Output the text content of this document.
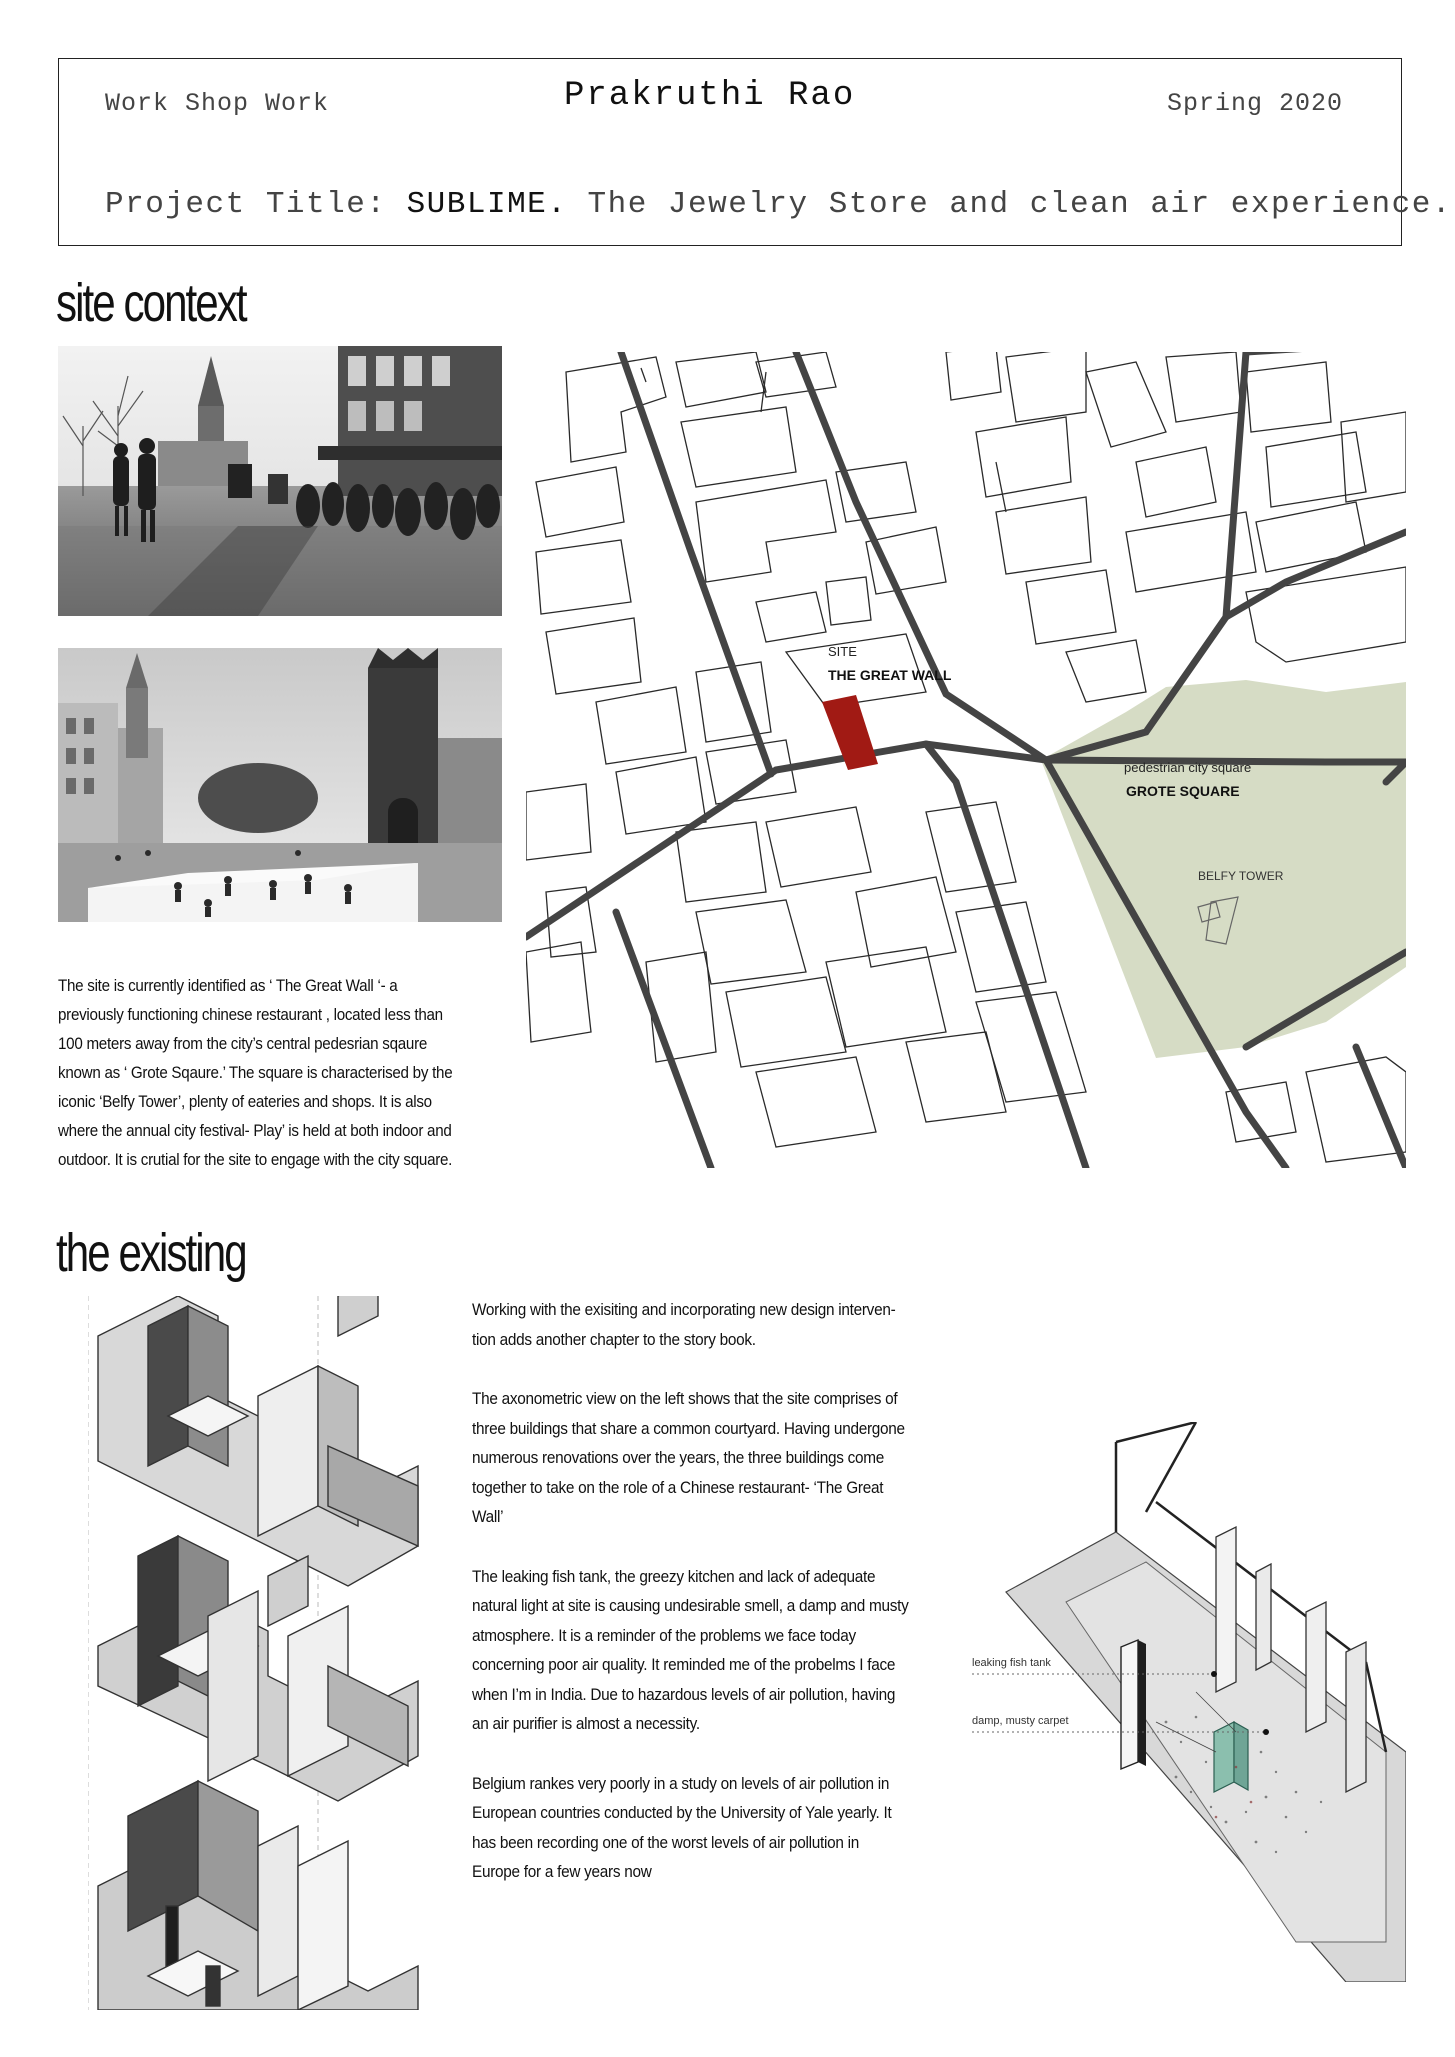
Work Shop Work	Prakruthi Rao	Spring 2020
Project Title: SUBLIME. The Jewelry Store and clean air experience.
site context
The site is currently identified as ‘ The Great Wall ‘- a previously functioning chinese restaurant , located less than 100 meters away from the city’s central pedesrian sqaure known as ‘ Grote Sqaure.’ The square is characterised by the iconic ‘Belfy Tower’, plenty of eateries and shops. It is also where the annual city festival- Play’ is held at both indoor and outdoor. It is crutial for the site to engage with the city square.
SITE
THE GREAT WALL
pedestrian city square
GROTE SQUARE
BELFY TOWER
the existing

Working with the exisiting and incorporating new design interven- tion adds another chapter to the story book.

The axonometric view on the left shows that the site comprises of three buildings that share a common courtyard. Having undergone numerous renovations over the years, the three buildings come together to take on the role of a Chinese restaurant- ‘The Great Wall’

The leaking fish tank, the greezy kitchen and lack of adequate natural light at site is causing undesirable smell, a damp and musty atmosphere. It is a reminder of the problems we face today concerning poor air quality. It reminded me of the probelms I face when I’m in India. Due to hazardous levels of air pollution, having an air purifier is almost a necessity.

Belgium rankes very poorly in a study on levels of air pollution in European countries conducted by the University of Yale yearly. It has been recording one of the worst levels of air pollution in Europe for a few years now

leaking fish tank
damp, musty carpet
